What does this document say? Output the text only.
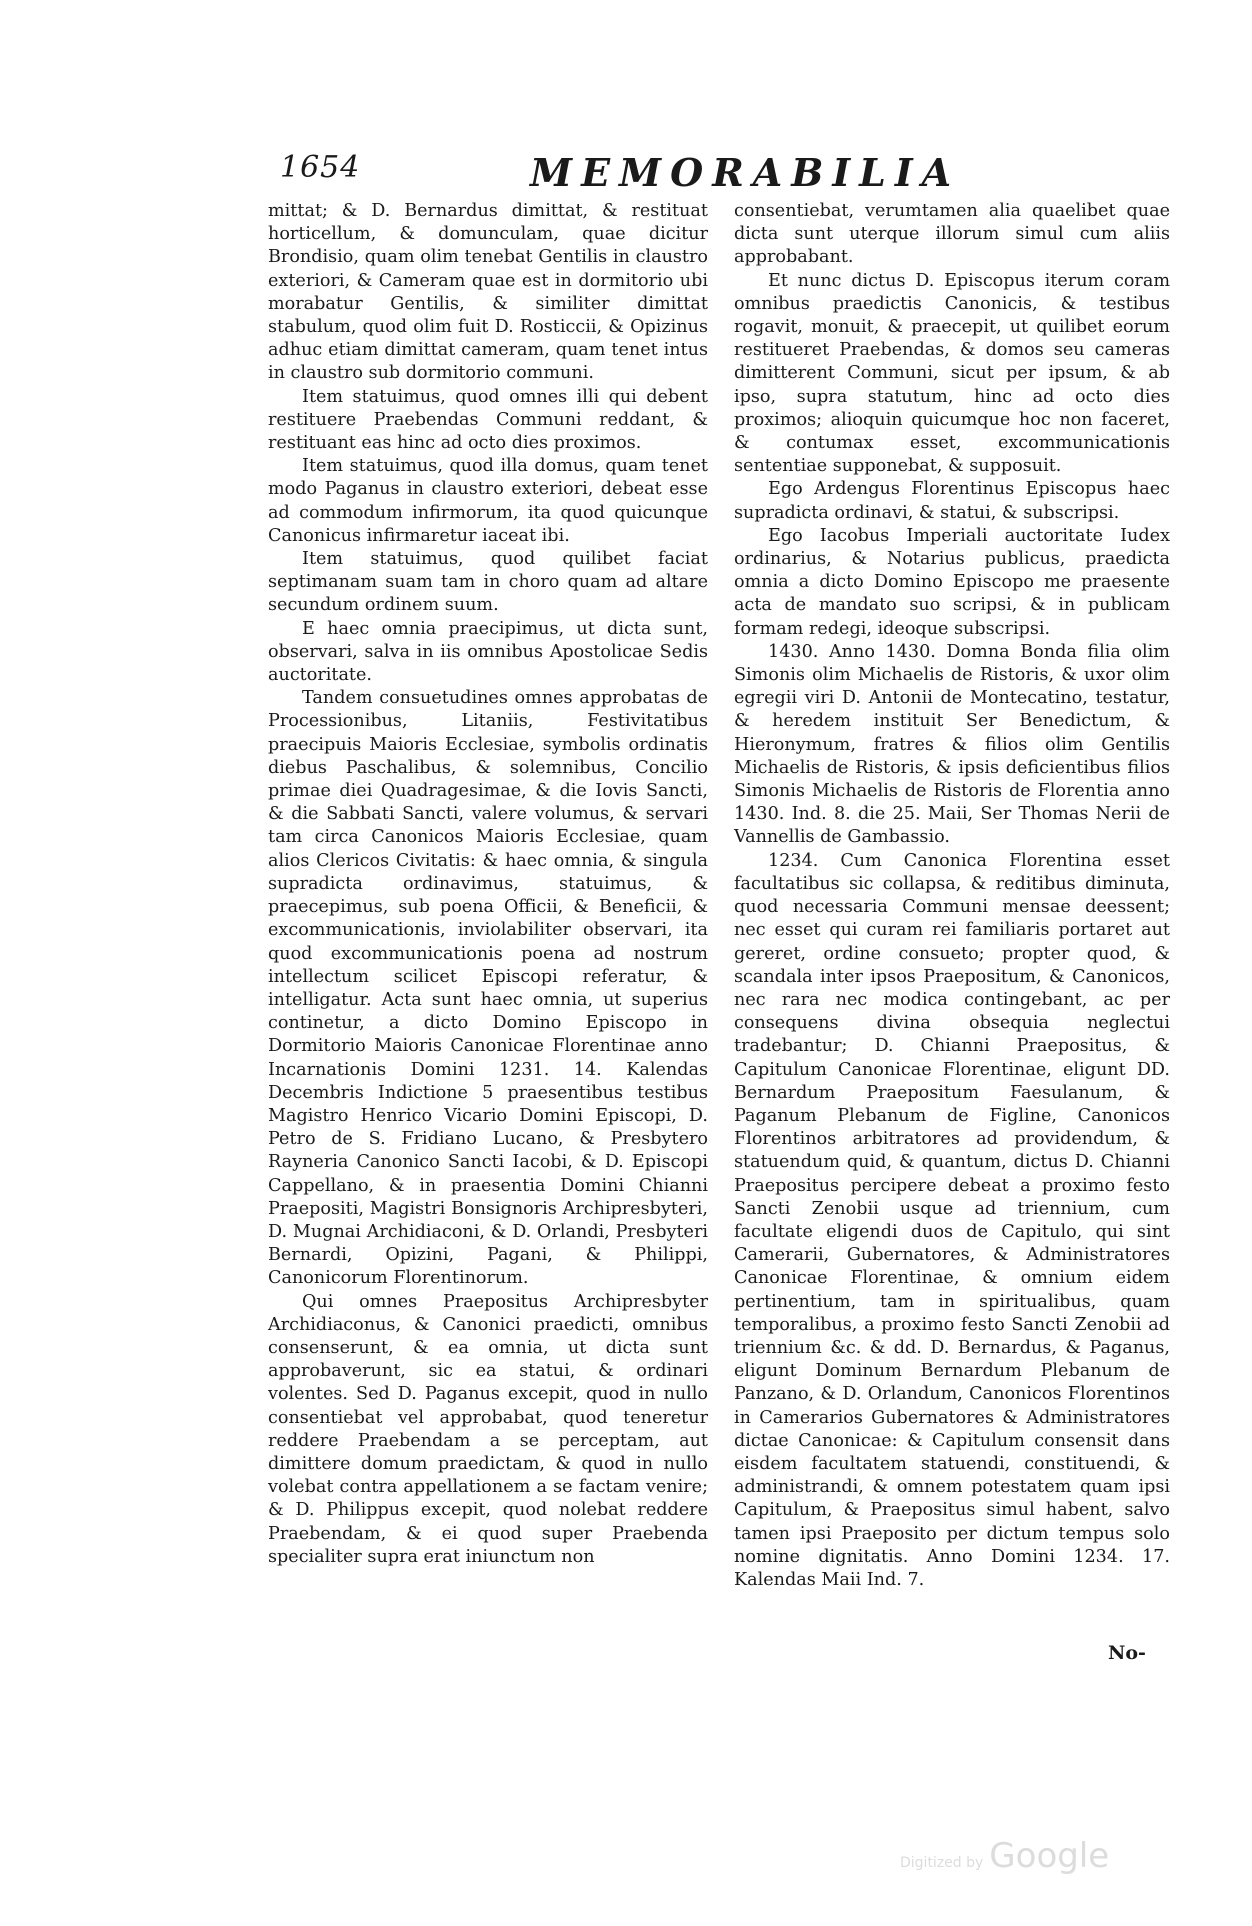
1654	MEMORABILIA

mittat; & D. Bernardus dimittat, & restituat horticellum, & domunculam, quae dicitur Brondisio, quam olim tenebat Gentilis in claustro exteriori, & Cameram quae est in dormitorio ubi morabatur Gentilis, & similiter dimittat stabulum, quod olim fuit D. Rosticcii, & Opizinus adhuc etiam dimittat cameram, quam tenet intus in claustro sub dormitorio communi.

Item statuimus, quod omnes illi qui debent restituere Praebendas Communi reddant, & restituant eas hinc ad octo dies proximos.

Item statuimus, quod illa domus, quam tenet modo Paganus in claustro exteriori, debeat esse ad commodum infirmorum, ita quod quicunque Canonicus infirmaretur iaceat ibi.

Item statuimus, quod quilibet faciat septimanam suam tam in choro quam ad altare secundum ordinem suum.

E haec omnia praecipimus, ut dicta sunt, observari, salva in iis omnibus Apostolicae Sedis auctoritate.

Tandem consuetudines omnes approbatas de Processionibus, Litaniis, Festivitatibus praecipuis Maioris Ecclesiae, symbolis ordinatis diebus Paschalibus, & solemnibus, Concilio primae diei Quadragesimae, & die Iovis Sancti, & die Sabbati Sancti, valere volumus, & servari tam circa Canonicos Maioris Ecclesiae, quam alios Clericos Civitatis: & haec omnia, & singula supradicta ordinavimus, statuimus, & praecepimus, sub poena Officii, & Beneficii, & excommunicationis, inviolabiliter observari, ita quod excommunicationis poena ad nostrum intellectum scilicet Episcopi referatur, & intelligatur. Acta sunt haec omnia, ut superius continetur, a dicto Domino Episcopo in Dormitorio Maioris Canonicae Florentinae anno Incarnationis Domini 1231. 14. Kalendas Decembris Indictione 5 praesentibus testibus Magistro Henrico Vicario Domini Episcopi, D. Petro de S. Fridiano Lucano, & Presbytero Rayneria Canonico Sancti Iacobi, & D. Episcopi Cappellano, & in praesentia Domini Chianni Praepositi, Magistri Bonsignoris Archipresbyteri, D. Mugnai Archidiaconi, & D. Orlandi, Presbyteri Bernardi, Opizini, Pagani, & Philippi, Canonicorum Florentinorum.

Qui omnes Praepositus Archipresbyter Archidiaconus, & Canonici praedicti, omnibus consenserunt, & ea omnia, ut dicta sunt approbaverunt, sic ea statui, & ordinari volentes. Sed D. Paganus excepit, quod in nullo consentiebat vel approbabat, quod teneretur reddere Praebendam a se perceptam, aut dimittere domum praedictam, & quod in nullo volebat contra appellationem a se factam venire; & D. Philippus excepit, quod nolebat reddere Praebendam, & ei quod super Praebenda specialiter supra erat iniunctum non

consentiebat, verumtamen alia quaelibet quae dicta sunt uterque illorum simul cum aliis approbabant.

Et nunc dictus D. Episcopus iterum coram omnibus praedictis Canonicis, & testibus rogavit, monuit, & praecepit, ut quilibet eorum restitueret Praebendas, & domos seu cameras dimitterent Communi, sicut per ipsum, & ab ipso, supra statutum, hinc ad octo dies proximos; alioquin quicumque hoc non faceret, & contumax esset, excommunicationis sententiae supponebat, & supposuit.

Ego Ardengus Florentinus Episcopus haec supradicta ordinavi, & statui, & subscripsi.

Ego Iacobus Imperiali auctoritate Iudex ordinarius, & Notarius publicus, praedicta omnia a dicto Domino Episcopo me praesente acta de mandato suo scripsi, & in publicam formam redegi, ideoque subscripsi.

1430. Anno 1430. Domna Bonda filia olim Simonis olim Michaelis de Ristoris, & uxor olim egregii viri D. Antonii de Montecatino, testatur, & heredem instituit Ser Benedictum, & Hieronymum, fratres & filios olim Gentilis Michaelis de Ristoris, & ipsis deficientibus filios Simonis Michaelis de Ristoris de Florentia anno 1430. Ind. 8. die 25. Maii, Ser Thomas Nerii de Vannellis de Gambassio.

1234. Cum Canonica Florentina esset facultatibus sic collapsa, & reditibus diminuta, quod necessaria Communi mensae deessent; nec esset qui curam rei familiaris portaret aut gereret, ordine consueto; propter quod, & scandala inter ipsos Praepositum, & Canonicos, nec rara nec modica contingebant, ac per consequens divina obsequia neglectui tradebantur; D. Chianni Praepositus, & Capitulum Canonicae Florentinae, eligunt DD. Bernardum Praepositum Faesulanum, & Paganum Plebanum de Figline, Canonicos Florentinos arbitratores ad providendum, & statuendum quid, & quantum, dictus D. Chianni Praepositus percipere debeat a proximo festo Sancti Zenobii usque ad triennium, cum facultate eligendi duos de Capitulo, qui sint Camerarii, Gubernatores, & Administratores Canonicae Florentinae, & omnium eidem pertinentium, tam in spiritualibus, quam temporalibus, a proximo festo Sancti Zenobii ad triennium &c. & dd. D. Bernardus, & Paganus, eligunt Dominum Bernardum Plebanum de Panzano, & D. Orlandum, Canonicos Florentinos in Camerarios Gubernatores & Administratores dictae Canonicae: & Capitulum consensit dans eisdem facultatem statuendi, constituendi, & administrandi, & omnem potestatem quam ipsi Capitulum, & Praepositus simul habent, salvo tamen ipsi Praeposito per dictum tempus solo nomine dignitatis. Anno Domini 1234. 17. Kalendas Maii Ind. 7.

No-
Digitized by Google
